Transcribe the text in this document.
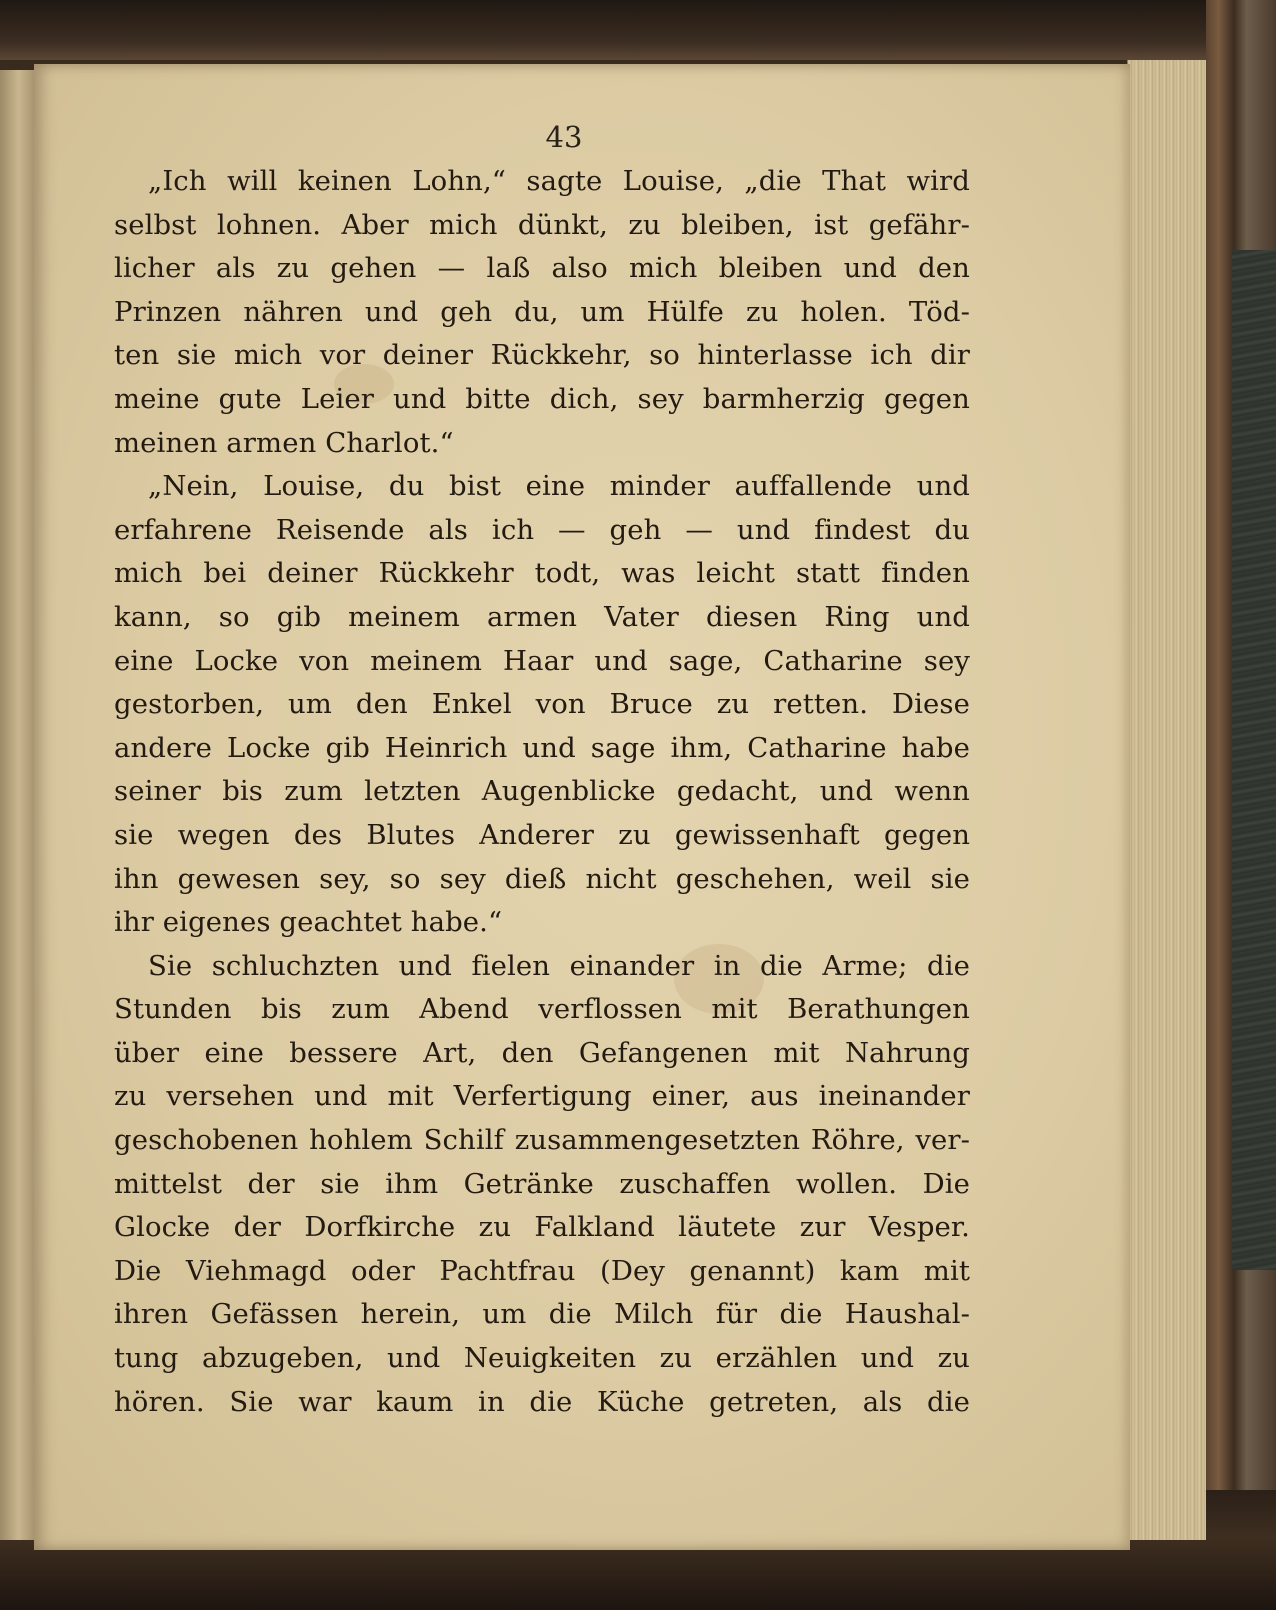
43
„Ich will keinen Lohn,“ sagte Louise, „die That wird
selbst lohnen. Aber mich dünkt, zu bleiben, ist gefähr-
licher als zu gehen — laß also mich bleiben und den
Prinzen nähren und geh du, um Hülfe zu holen. Töd-
ten sie mich vor deiner Rückkehr, so hinterlasse ich dir
meine gute Leier und bitte dich, sey barmherzig gegen
meinen armen Charlot.“
„Nein, Louise, du bist eine minder auffallende und
erfahrene Reisende als ich — geh — und findest du
mich bei deiner Rückkehr todt, was leicht statt finden
kann, so gib meinem armen Vater diesen Ring und
eine Locke von meinem Haar und sage, Catharine sey
gestorben, um den Enkel von Bruce zu retten. Diese
andere Locke gib Heinrich und sage ihm, Catharine habe
seiner bis zum letzten Augenblicke gedacht, und wenn
sie wegen des Blutes Anderer zu gewissenhaft gegen
ihn gewesen sey, so sey dieß nicht geschehen, weil sie
ihr eigenes geachtet habe.“
Sie schluchzten und fielen einander in die Arme; die
Stunden bis zum Abend verflossen mit Berathungen
über eine bessere Art, den Gefangenen mit Nahrung
zu versehen und mit Verfertigung einer, aus ineinander
geschobenen hohlem Schilf zusammengesetzten Röhre, ver-
mittelst der sie ihm Getränke zuschaffen wollen. Die
Glocke der Dorfkirche zu Falkland läutete zur Vesper.
Die Viehmagd oder Pachtfrau (Dey genannt) kam mit
ihren Gefässen herein, um die Milch für die Haushal-
tung abzugeben, und Neuigkeiten zu erzählen und zu
hören. Sie war kaum in die Küche getreten, als die
